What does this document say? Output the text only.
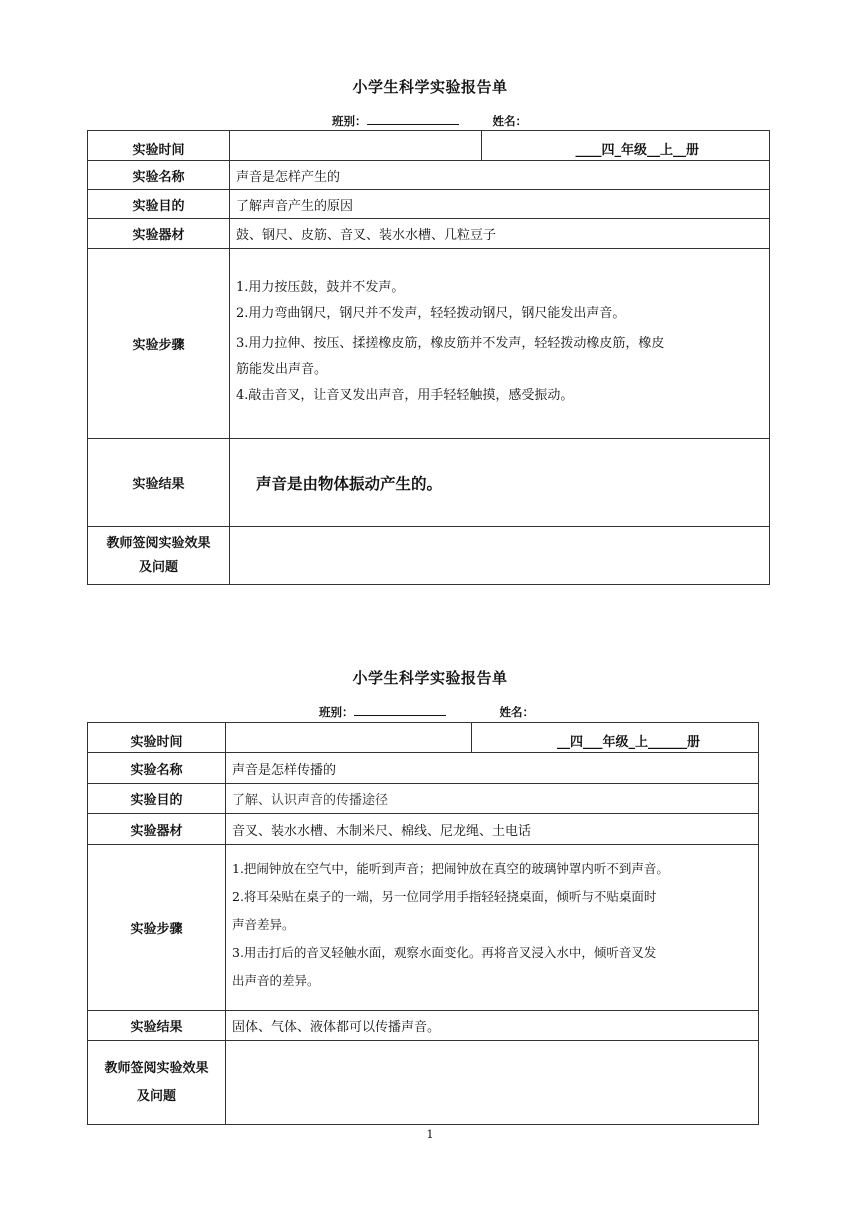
小学生科学实验报告单
班别：	姓名：
实验时间		____四_年级__上__册
实验名称	声音是怎样产生的	
实验目的	了解声音产生的原因	
实验器材	鼓、钢尺、皮筋、音叉、装水水槽、几粒豆子	
实验步骤	1.用力按压鼓，鼓并不发声。
2.用力弯曲钢尺，钢尺并不发声，轻轻拨动钢尺，钢尺能发出声音。
3.用力拉伸、按压、揉搓橡皮筋，橡皮筋并不发声，轻轻拨动橡皮筋，橡皮
筋能发出声音。
4.敲击音叉，让音叉发出声音，用手轻轻触摸，感受振动。	

实验结果	声音是由物体振动产生的。	

教师签阅实验效果
及问题		

小学生科学实验报告单
班别：	姓名：
实验时间		__四___年级_上______册
实验名称	声音是怎样传播的	
实验目的	了解、认识声音的传播途径	
实验器材	音叉、装水水槽、木制米尺、棉线、尼龙绳、土电话	
实验步骤	1.把闹钟放在空气中，能听到声音；把闹钟放在真空的玻璃钟罩内听不到声音。
2.将耳朵贴在桌子的一端，另一位同学用手指轻轻挠桌面，倾听与不贴桌面时
声音差异。
3.用击打后的音叉轻触水面，观察水面变化。再将音叉浸入水中，倾听音叉发
出声音的差异。	

实验结果	固体、气体、液体都可以传播声音。	

教师签阅实验效果
及问题		

1
